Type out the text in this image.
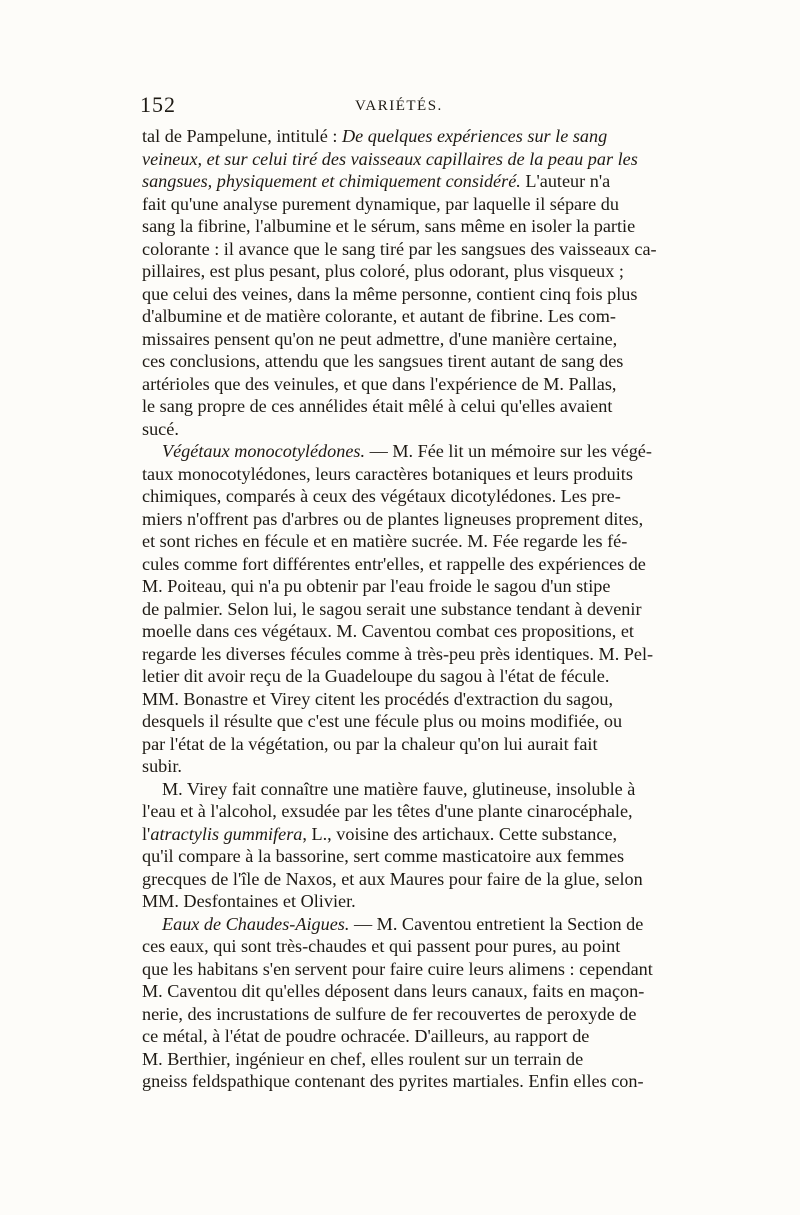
152	VARIÉTÉS.
tal de Pampelune, intitulé : De quelques expériences sur le sang
veineux, et sur celui tiré des vaisseaux capillaires de la peau par les
sangsues, physiquement et chimiquement considéré. L'auteur n'a
fait qu'une analyse purement dynamique, par laquelle il sépare du
sang la fibrine, l'albumine et le sérum, sans même en isoler la partie
colorante : il avance que le sang tiré par les sangsues des vaisseaux ca-
pillaires, est plus pesant, plus coloré, plus odorant, plus visqueux ;
que celui des veines, dans la même personne, contient cinq fois plus
d'albumine et de matière colorante, et autant de fibrine. Les com-
missaires pensent qu'on ne peut admettre, d'une manière certaine,
ces conclusions, attendu que les sangsues tirent autant de sang des
artérioles que des veinules, et que dans l'expérience de M. Pallas,
le sang propre de ces annélides était mêlé à celui qu'elles avaient
sucé.
Végétaux monocotylédones. — M. Fée lit un mémoire sur les végé-
taux monocotylédones, leurs caractères botaniques et leurs produits
chimiques, comparés à ceux des végétaux dicotylédones. Les pre-
miers n'offrent pas d'arbres ou de plantes ligneuses proprement dites,
et sont riches en fécule et en matière sucrée. M. Fée regarde les fé-
cules comme fort différentes entr'elles, et rappelle des expériences de
M. Poiteau, qui n'a pu obtenir par l'eau froide le sagou d'un stipe
de palmier. Selon lui, le sagou serait une substance tendant à devenir
moelle dans ces végétaux. M. Caventou combat ces propositions, et
regarde les diverses fécules comme à très-peu près identiques. M. Pel-
letier dit avoir reçu de la Guadeloupe du sagou à l'état de fécule.
MM. Bonastre et Virey citent les procédés d'extraction du sagou,
desquels il résulte que c'est une fécule plus ou moins modifiée, ou
par l'état de la végétation, ou par la chaleur qu'on lui aurait fait
subir.
M. Virey fait connaître une matière fauve, glutineuse, insoluble à
l'eau et à l'alcohol, exsudée par les têtes d'une plante cinarocéphale,
l'atractylis gummifera, L., voisine des artichaux. Cette substance,
qu'il compare à la bassorine, sert comme masticatoire aux femmes
grecques de l'île de Naxos, et aux Maures pour faire de la glue, selon
MM. Desfontaines et Olivier.
Eaux de Chaudes-Aigues. — M. Caventou entretient la Section de
ces eaux, qui sont très-chaudes et qui passent pour pures, au point
que les habitans s'en servent pour faire cuire leurs alimens : cependant
M. Caventou dit qu'elles déposent dans leurs canaux, faits en maçon-
nerie, des incrustations de sulfure de fer recouvertes de peroxyde de
ce métal, à l'état de poudre ochracée. D'ailleurs, au rapport de
M. Berthier, ingénieur en chef, elles roulent sur un terrain de
gneiss feldspathique contenant des pyrites martiales. Enfin elles con-
